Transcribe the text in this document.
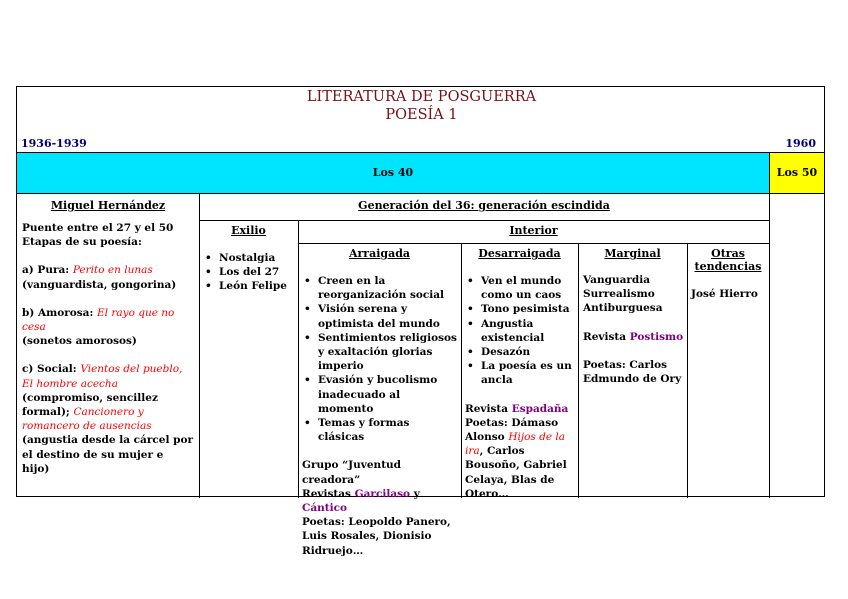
LITERATURA DE POSGUERRA
POESÍA 1
1936-1939	1960
Los 40	Los 50
Miguel Hernández

Puente entre el 27 y el 50

Etapas de su poesía:

a) Pura: Perito en lunas

(vanguardista, gongorina)

b) Amorosa: El rayo que no cesa

(sonetos amorosos)

c) Social: Vientos del pueblo,
El hombre acecha (compromiso, sencillez formal); Cancionero y romancero de ausencias

(angustia desde la cárcel por el destino de su mujer e hijo)

Generación del 36: generación escindida
Exilio
• Nostalgia
• Los del 27
• León Felipe
Interior
Arraigada
• Creen en la reorganización social
• Visión serena y optimista del mundo
• Sentimientos religiosos y exaltación glorias imperio
• Evasión y bucolismo inadecuado al momento
• Temas y formas clásicas

Grupo “Juventud creadora”

Revistas Garcilaso y Cántico

Poetas: Leopoldo Panero, Luis Rosales, Dionisio Ridruejo…

Desarraigada
• Ven el mundo como un caos
• Tono pesimista
• Angustia existencial
• Desazón
• La poesía es un ancla

Revista Espadaña

Poetas: Dámaso Alonso Hijos de la ira, Carlos Bousoño, Gabriel Celaya, Blas de Otero…

Marginal

Vanguardia

Surrealismo

Antiburguesa

Revista Postismo

Poetas: Carlos Edmundo de Ory

Otras tendencias
José Hierro
